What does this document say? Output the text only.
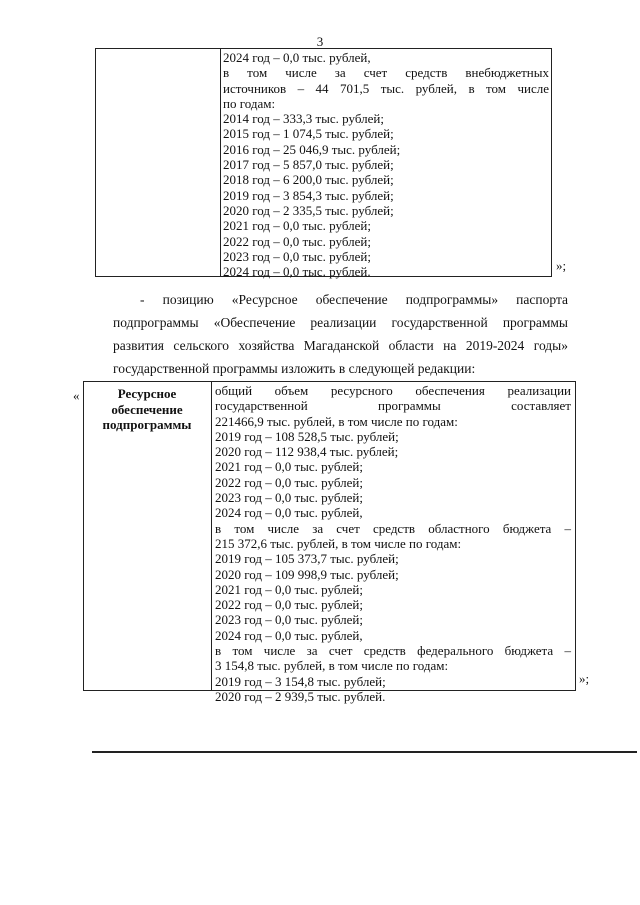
3
2024 год – 0,0 тыс. рублей,
в том числе за счет средств внебюджетных
источников – 44 701,5 тыс. рублей, в том числе
по годам:
2014 год – 333,3 тыс. рублей;
2015 год – 1 074,5 тыс. рублей;
2016 год – 25 046,9 тыс. рублей;
2017 год – 5 857,0 тыс. рублей;
2018 год – 6 200,0 тыс. рублей;
2019 год – 3 854,3 тыс. рублей;
2020 год – 2 335,5 тыс. рублей;
2021 год – 0,0 тыс. рублей;
2022 год – 0,0 тыс. рублей;
2023 год – 0,0 тыс. рублей;
2024 год – 0,0 тыс. рублей.	»;
- позицию «Ресурсное обеспечение подпрограммы» паспорта
подпрограммы «Обеспечение реализации государственной программы
развития сельского хозяйства Магаданской области на 2019-2024 годы»
государственной программы изложить в следующей редакции:
«	Ресурсное обеспечение подпрограммы
общий объем ресурсного обеспечения реализации
государственной программы составляет
221466,9 тыс. рублей, в том числе по годам:
2019 год – 108 528,5 тыс. рублей;
2020 год – 112 938,4 тыс. рублей;
2021 год – 0,0 тыс. рублей;
2022 год – 0,0 тыс. рублей;
2023 год – 0,0 тыс. рублей;
2024 год – 0,0 тыс. рублей,
в том числе за счет средств областного бюджета –
215 372,6 тыс. рублей, в том числе по годам:
2019 год – 105 373,7 тыс. рублей;
2020 год – 109 998,9 тыс. рублей;
2021 год – 0,0 тыс. рублей;
2022 год – 0,0 тыс. рублей;
2023 год – 0,0 тыс. рублей;
2024 год – 0,0 тыс. рублей,
в том числе за счет средств федерального бюджета –
3 154,8 тыс. рублей, в том числе по годам:
2019 год – 3 154,8 тыс. рублей;
2020 год – 2 939,5 тыс. рублей.
»;
